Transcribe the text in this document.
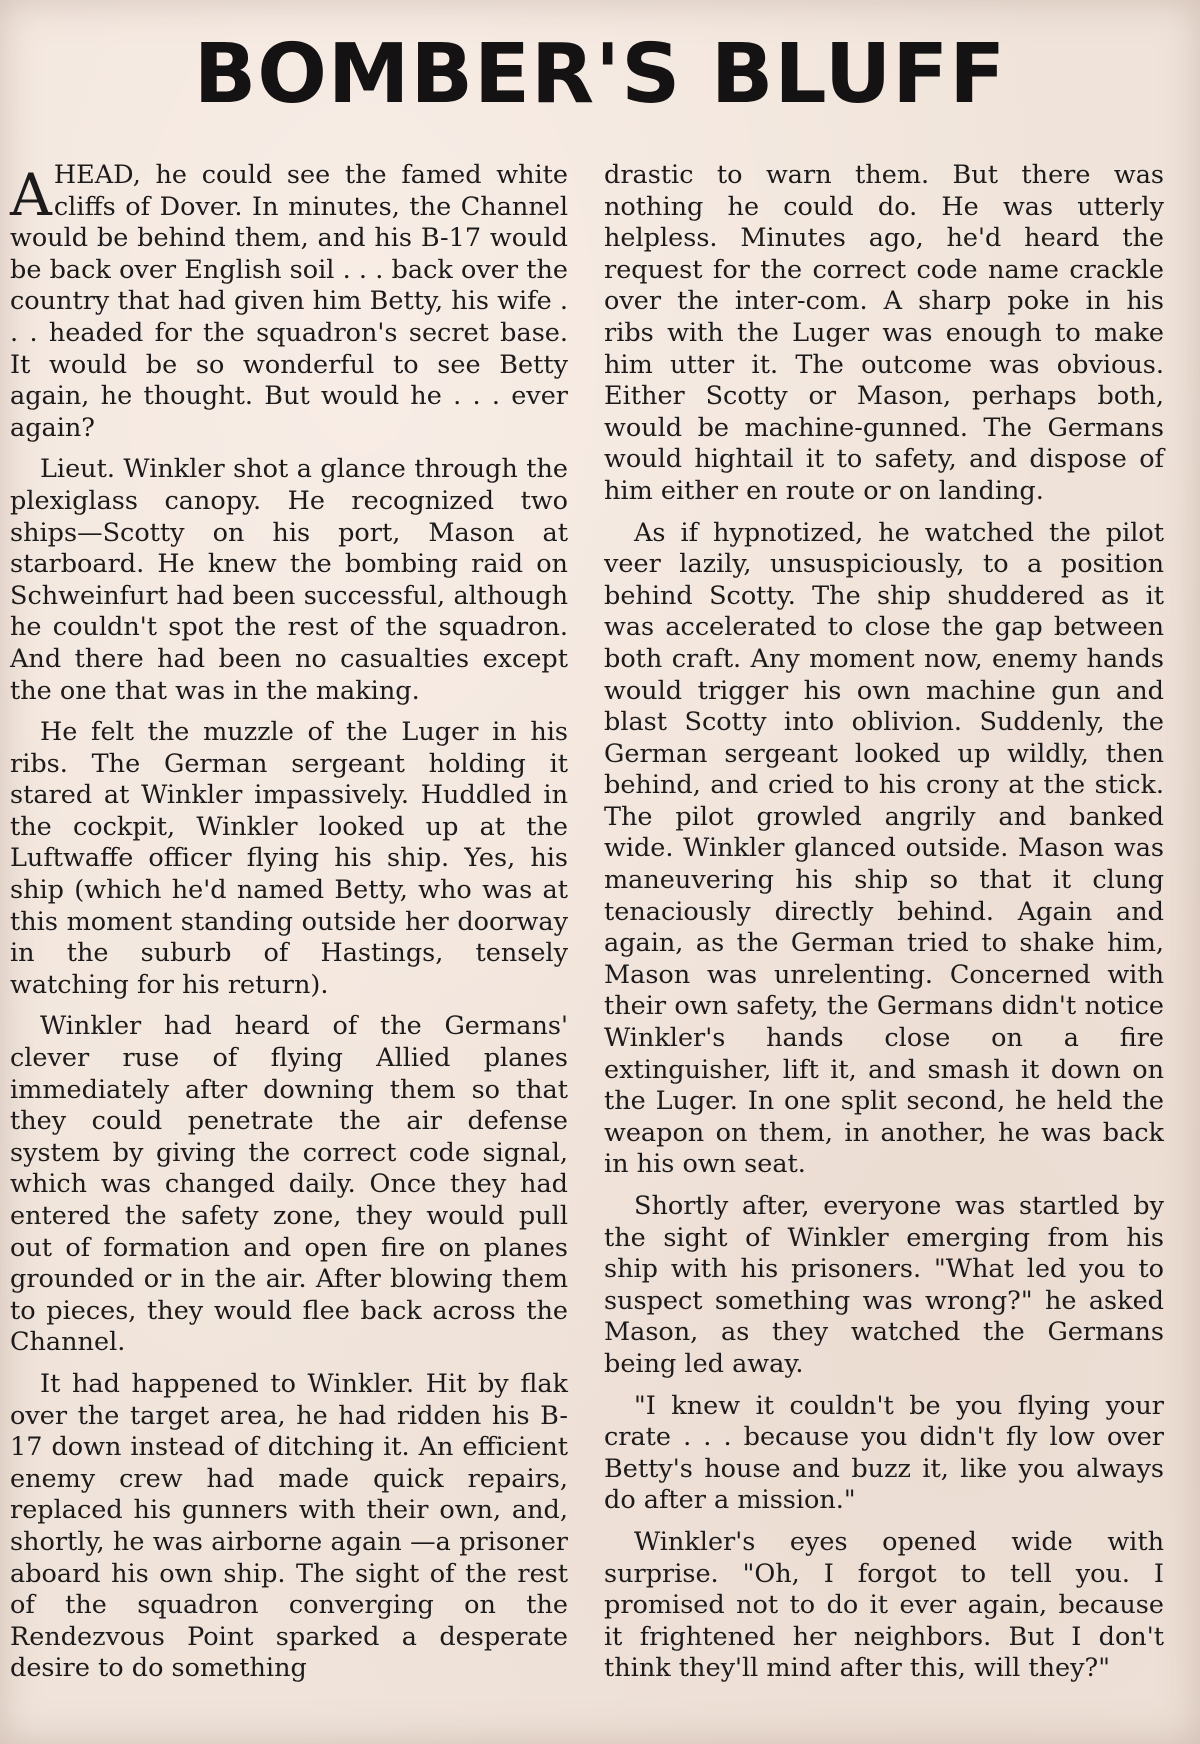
BOMBER'S BLUFF

AHEAD, he could see the famed white cliffs of Dover. In minutes, the Channel would be behind them, and his B-17 would be back over English soil . . . back over the country that had given him Betty, his wife . . . headed for the squadron's secret base. It would be so wonderful to see Betty again, he thought. But would he . . . ever again?

Lieut. Winkler shot a glance through the plexiglass canopy. He recognized two ships—Scotty on his port, Mason at starboard. He knew the bombing raid on Schweinfurt had been successful, although he couldn't spot the rest of the squadron. And there had been no casualties except the one that was in the making.

He felt the muzzle of the Luger in his ribs. The German sergeant holding it stared at Winkler impassively. Huddled in the cockpit, Winkler looked up at the Luftwaffe officer flying his ship. Yes, his ship (which he'd named Betty, who was at this moment standing outside her doorway in the suburb of Hastings, tensely watching for his return).

Winkler had heard of the Germans' clever ruse of flying Allied planes immediately after downing them so that they could penetrate the air defense system by giving the correct code signal, which was changed daily. Once they had entered the safety zone, they would pull out of formation and open fire on planes grounded or in the air. After blowing them to pieces, they would flee back across the Channel.

It had happened to Winkler. Hit by flak over the target area, he had ridden his B-17 down instead of ditching it. An efficient enemy crew had made quick repairs, replaced his gunners with their own, and, shortly, he was airborne again —a prisoner aboard his own ship. The sight of the rest of the squadron converging on the Rendezvous Point sparked a desperate desire to do something

drastic to warn them. But there was nothing he could do. He was utterly helpless. Minutes ago, he'd heard the request for the correct code name crackle over the inter-com. A sharp poke in his ribs with the Luger was enough to make him utter it. The outcome was obvious. Either Scotty or Mason, perhaps both, would be machine-gunned. The Germans would hightail it to safety, and dispose of him either en route or on landing.

As if hypnotized, he watched the pilot veer lazily, unsuspiciously, to a position behind Scotty. The ship shuddered as it was accelerated to close the gap between both craft. Any moment now, enemy hands would trigger his own machine gun and blast Scotty into oblivion. Suddenly, the German sergeant looked up wildly, then behind, and cried to his crony at the stick. The pilot growled angrily and banked wide. Winkler glanced outside. Mason was maneuvering his ship so that it clung tenaciously directly behind. Again and again, as the German tried to shake him, Mason was unrelenting. Concerned with their own safety, the Germans didn't notice Winkler's hands close on a fire extinguisher, lift it, and smash it down on the Luger. In one split second, he held the weapon on them, in another, he was back in his own seat.

Shortly after, everyone was startled by the sight of Winkler emerging from his ship with his prisoners. "What led you to suspect something was wrong?" he asked Mason, as they watched the Germans being led away.

"I knew it couldn't be you flying your crate . . . because you didn't fly low over Betty's house and buzz it, like you always do after a mission."

Winkler's eyes opened wide with surprise. "Oh, I forgot to tell you. I promised not to do it ever again, because it frightened her neighbors. But I don't think they'll mind after this, will they?"
